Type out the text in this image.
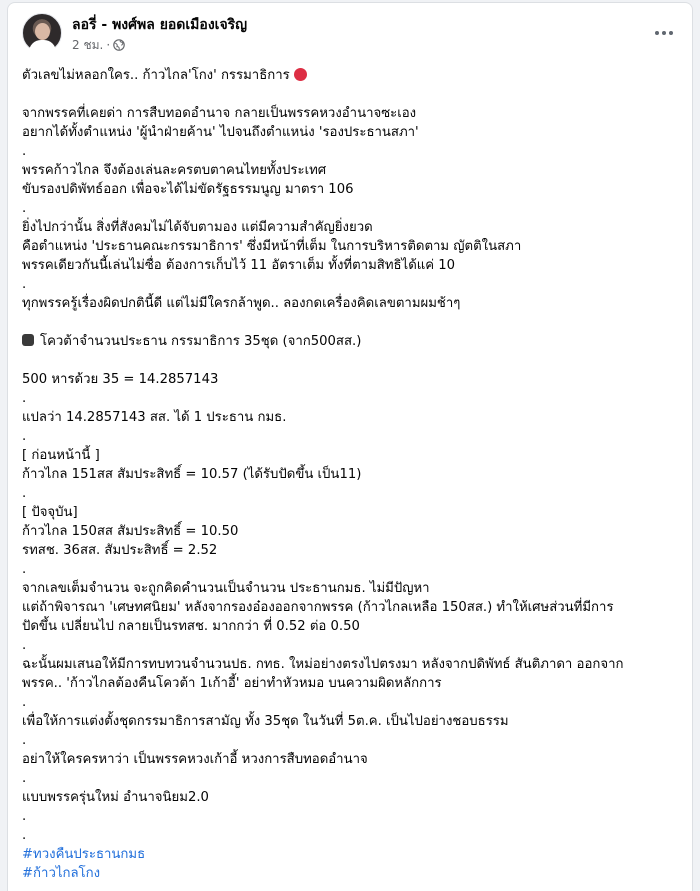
ลอรี่ - พงศ์พล ยอดเมืองเจริญ
2 ชม. ·
ตัวเลขไม่หลอกใคร.. ก้าวไกล'โกง' กรรมาธิการ
จากพรรคที่เคยด่า การสืบทอดอำนาจ กลายเป็นพรรคหวงอำนาจซะเอง
อยากได้ทั้งตำแหน่ง 'ผู้นำฝ่ายค้าน' ไปจนถึงตำแหน่ง 'รองประธานสภา'
.
พรรคก้าวไกล จึงต้องเล่นละครตบตาคนไทยทั้งประเทศ
ขับรองปดิพัทธ์ออก เพื่อจะได้ไม่ขัดรัฐธรรมนูญ มาตรา 106
.
ยิ่งไปกว่านั้น สิ่งที่สังคมไม่ได้จับตามอง แต่มีความสำคัญยิ่งยวด
คือตำแหน่ง 'ประธานคณะกรรมาธิการ' ซึ่งมีหน้าที่เต็ม ในการบริหารติดตาม ญัตติในสภา
พรรคเดียวกันนี้เล่นไม่ซื่อ ต้องการเก็บไว้ 11 อัตราเต็ม ทั้งที่ตามสิทธิได้แค่ 10
.
ทุกพรรครู้เรื่องผิดปกตินี้ดี แต่ไม่มีใครกล้าพูด.. ลองกดเครื่องคิดเลขตามผมช้าๆ
โควต้าจำนวนประธาน กรรมาธิการ 35ชุด (จาก500สส.)
500 หารด้วย 35 = 14.2857143
.
แปลว่า 14.2857143 สส. ได้ 1 ประธาน กมธ.
.
[ ก่อนหน้านี้ ]
ก้าวไกล 151สส สัมประสิทธิ์ = 10.57 (ได้รับปัดขึ้น เป็น11)
.
[ ปัจจุบัน]
ก้าวไกล 150สส สัมประสิทธิ์ = 10.50
รทสช. 36สส. สัมประสิทธิ์ = 2.52
.
จากเลขเต็มจำนวน จะถูกคิดคำนวนเป็นจำนวน ประธานกมธ. ไม่มีปัญหา
แต่ถ้าพิจารณา 'เศษทศนิยม' หลังจากรองอ๋องออกจากพรรค (ก้าวไกลเหลือ 150สส.) ทำให้เศษส่วนที่มีการ
ปัดขึ้น เปลี่ยนไป กลายเป็นรทสช. มากกว่า ที่ 0.52 ต่อ 0.50
.
ฉะนั้นผมเสนอให้มีการทบทวนจำนวนปธ. กทธ. ใหม่อย่างตรงไปตรงมา หลังจากปดิพัทธ์ สันติภาดา ออกจาก
พรรค.. 'ก้าวไกลต้องคืนโควต้า 1เก้าอี้' อย่าทำหัวหมอ บนความผิดหลักการ
.
เพื่อให้การแต่งตั้งชุดกรรมาธิการสามัญ ทั้ง 35ชุด ในวันที่ 5ต.ค. เป็นไปอย่างชอบธรรม
.
อย่าให้ใครครหาว่า เป็นพรรคหวงเก้าอี้ หวงการสืบทอดอำนาจ
.
แบบพรรครุ่นใหม่ อำนาจนิยม2.0
.
.
#ทวงคืนประธานกมธ
#ก้าวไกลโกง
